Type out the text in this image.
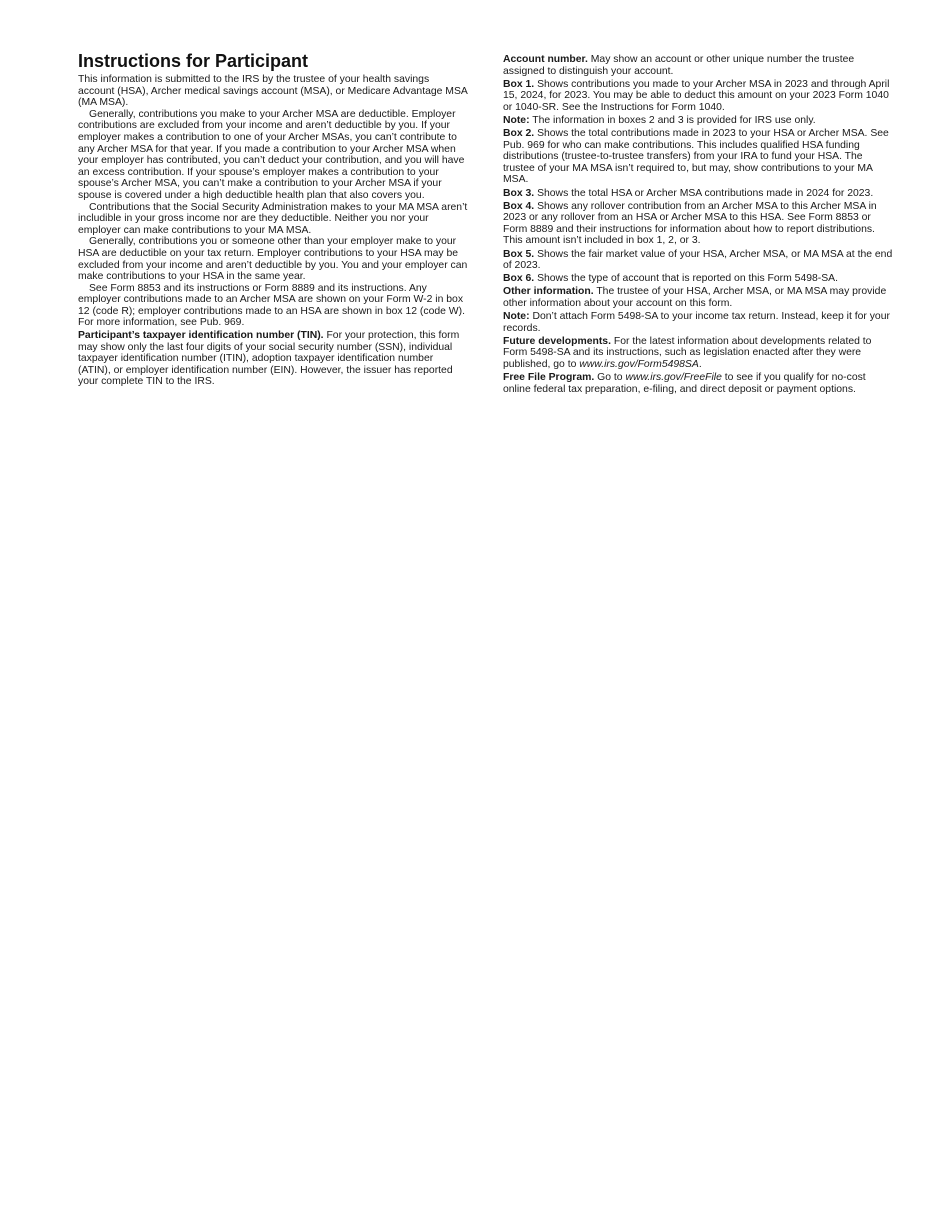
Instructions for Participant

This information is submitted to the IRS by the trustee of your health savings account (HSA), Archer medical savings account (MSA), or Medicare Advantage MSA (MA MSA).

Generally, contributions you make to your Archer MSA are deductible. Employer contributions are excluded from your income and aren’t deductible by you. If your employer makes a contribution to one of your Archer MSAs, you can’t contribute to any Archer MSA for that year. If you made a contribution to your Archer MSA when your employer has contributed, you can’t deduct your contribution, and you will have an excess contribution. If your spouse’s employer makes a contribution to your spouse’s Archer MSA, you can’t make a contribution to your Archer MSA if your spouse is covered under a high deductible health plan that also covers you.

Contributions that the Social Security Administration makes to your MA MSA aren’t includible in your gross income nor are they deductible. Neither you nor your employer can make contributions to your MA MSA.

Generally, contributions you or someone other than your employer make to your HSA are deductible on your tax return. Employer contributions to your HSA may be excluded from your income and aren’t deductible by you. You and your employer can make contributions to your HSA in the same year.

See Form 8853 and its instructions or Form 8889 and its instructions. Any employer contributions made to an Archer MSA are shown on your Form W-2 in box 12 (code R); employer contributions made to an HSA are shown in box 12 (code W). For more information, see Pub. 969.

Participant’s taxpayer identification number (TIN). For your protection, this form may show only the last four digits of your social security number (SSN), individual taxpayer identification number (ITIN), adoption taxpayer identification number (ATIN), or employer identification number (EIN). However, the issuer has reported your complete TIN to the IRS.

Account number. May show an account or other unique number the trustee assigned to distinguish your account.

Box 1. Shows contributions you made to your Archer MSA in 2023 and through April 15, 2024, for 2023. You may be able to deduct this amount on your 2023 Form 1040 or 1040-SR. See the Instructions for Form 1040.

Note: The information in boxes 2 and 3 is provided for IRS use only.

Box 2. Shows the total contributions made in 2023 to your HSA or Archer MSA. See Pub. 969 for who can make contributions. This includes qualified HSA funding distributions (trustee-to-trustee transfers) from your IRA to fund your HSA. The trustee of your MA MSA isn’t required to, but may, show contributions to your MA MSA.

Box 3. Shows the total HSA or Archer MSA contributions made in 2024 for 2023.

Box 4. Shows any rollover contribution from an Archer MSA to this Archer MSA in 2023 or any rollover from an HSA or Archer MSA to this HSA. See Form 8853 or Form 8889 and their instructions for information about how to report distributions. This amount isn’t included in box 1, 2, or 3.

Box 5. Shows the fair market value of your HSA, Archer MSA, or MA MSA at the end of 2023.

Box 6. Shows the type of account that is reported on this Form 5498-SA.

Other information. The trustee of your HSA, Archer MSA, or MA MSA may provide other information about your account on this form.

Note: Don’t attach Form 5498-SA to your income tax return. Instead, keep it for your records.

Future developments. For the latest information about developments related to Form 5498-SA and its instructions, such as legislation enacted after they were published, go to www.irs.gov/Form5498SA.

Free File Program. Go to www.irs.gov/FreeFile to see if you qualify for no-cost online federal tax preparation, e-filing, and direct deposit or payment options.
